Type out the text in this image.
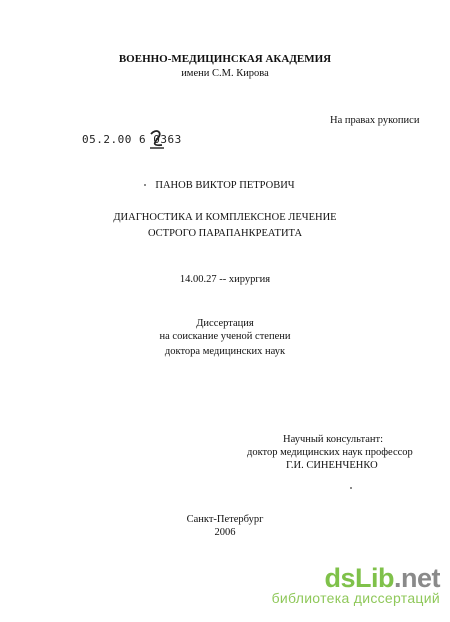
ВОЕННО-МЕДИЦИНСКАЯ АКАДЕМИЯ
имени С.М. Кирова
На правах рукописи
05.2.00 6 0363
ПАНОВ ВИКТОР ПЕТРОВИЧ
ДИАГНОСТИКА И КОМПЛЕКСНОЕ ЛЕЧЕНИЕ
ОСТРОГО ПАРАПАНКРЕАТИТА
14.00.27 -- хирургия
Диссертация
на соискание ученой степени
доктора медицинских наук
Научный консультант:
доктор медицинских наук профессор
Г.И. СИНЕНЧЕНКО
Санкт-Петербург
2006
dsLib.net
библиотека диссертаций
